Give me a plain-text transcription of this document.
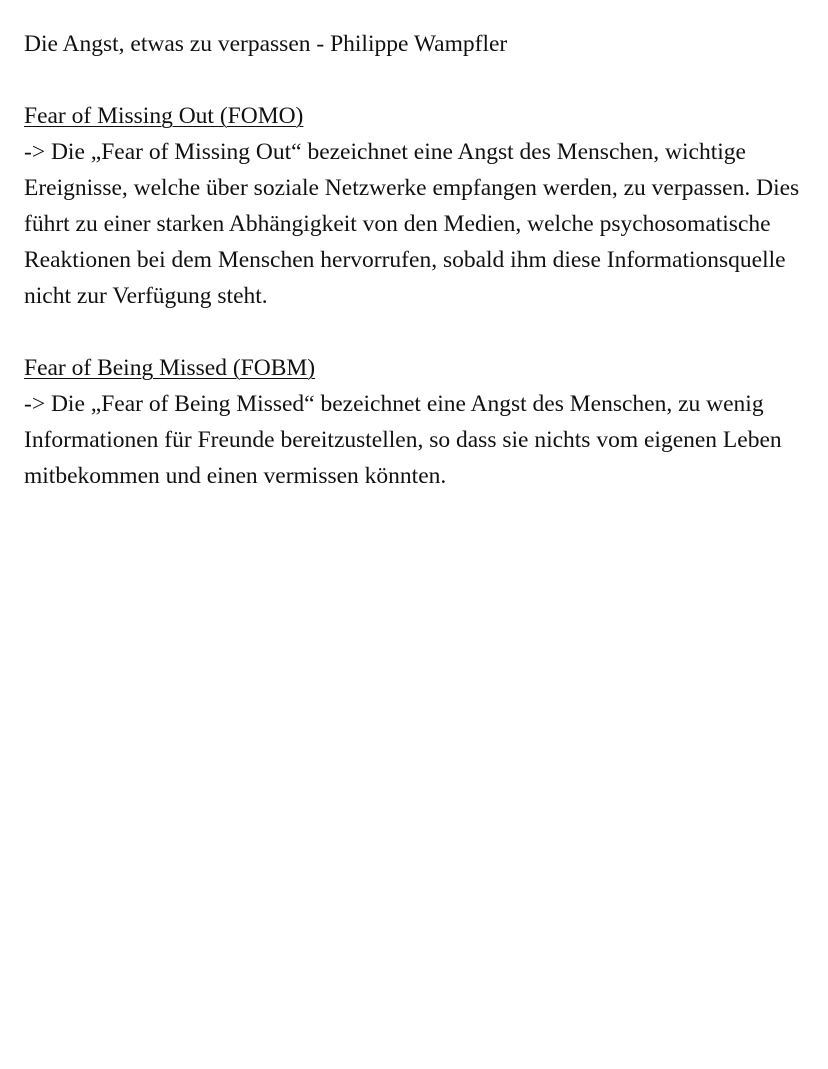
Die Angst, etwas zu verpassen - Philippe Wampfler

Fear of Missing Out (FOMO)

-> Die „Fear of Missing Out“ bezeichnet eine Angst des Menschen, wichtige Ereignisse, welche über soziale Netzwerke empfangen werden, zu verpassen. Dies führt zu einer starken Abhängigkeit von den Medien, welche psychosomatische Reaktionen bei dem Menschen hervorrufen, sobald ihm diese Informationsquelle nicht zur Verfügung steht.

Fear of Being Missed (FOBM)

-> Die „Fear of Being Missed“ bezeichnet eine Angst des Menschen, zu wenig Informationen für Freunde bereitzustellen, so dass sie nichts vom eigenen Leben mitbekommen und einen vermissen könnten.
